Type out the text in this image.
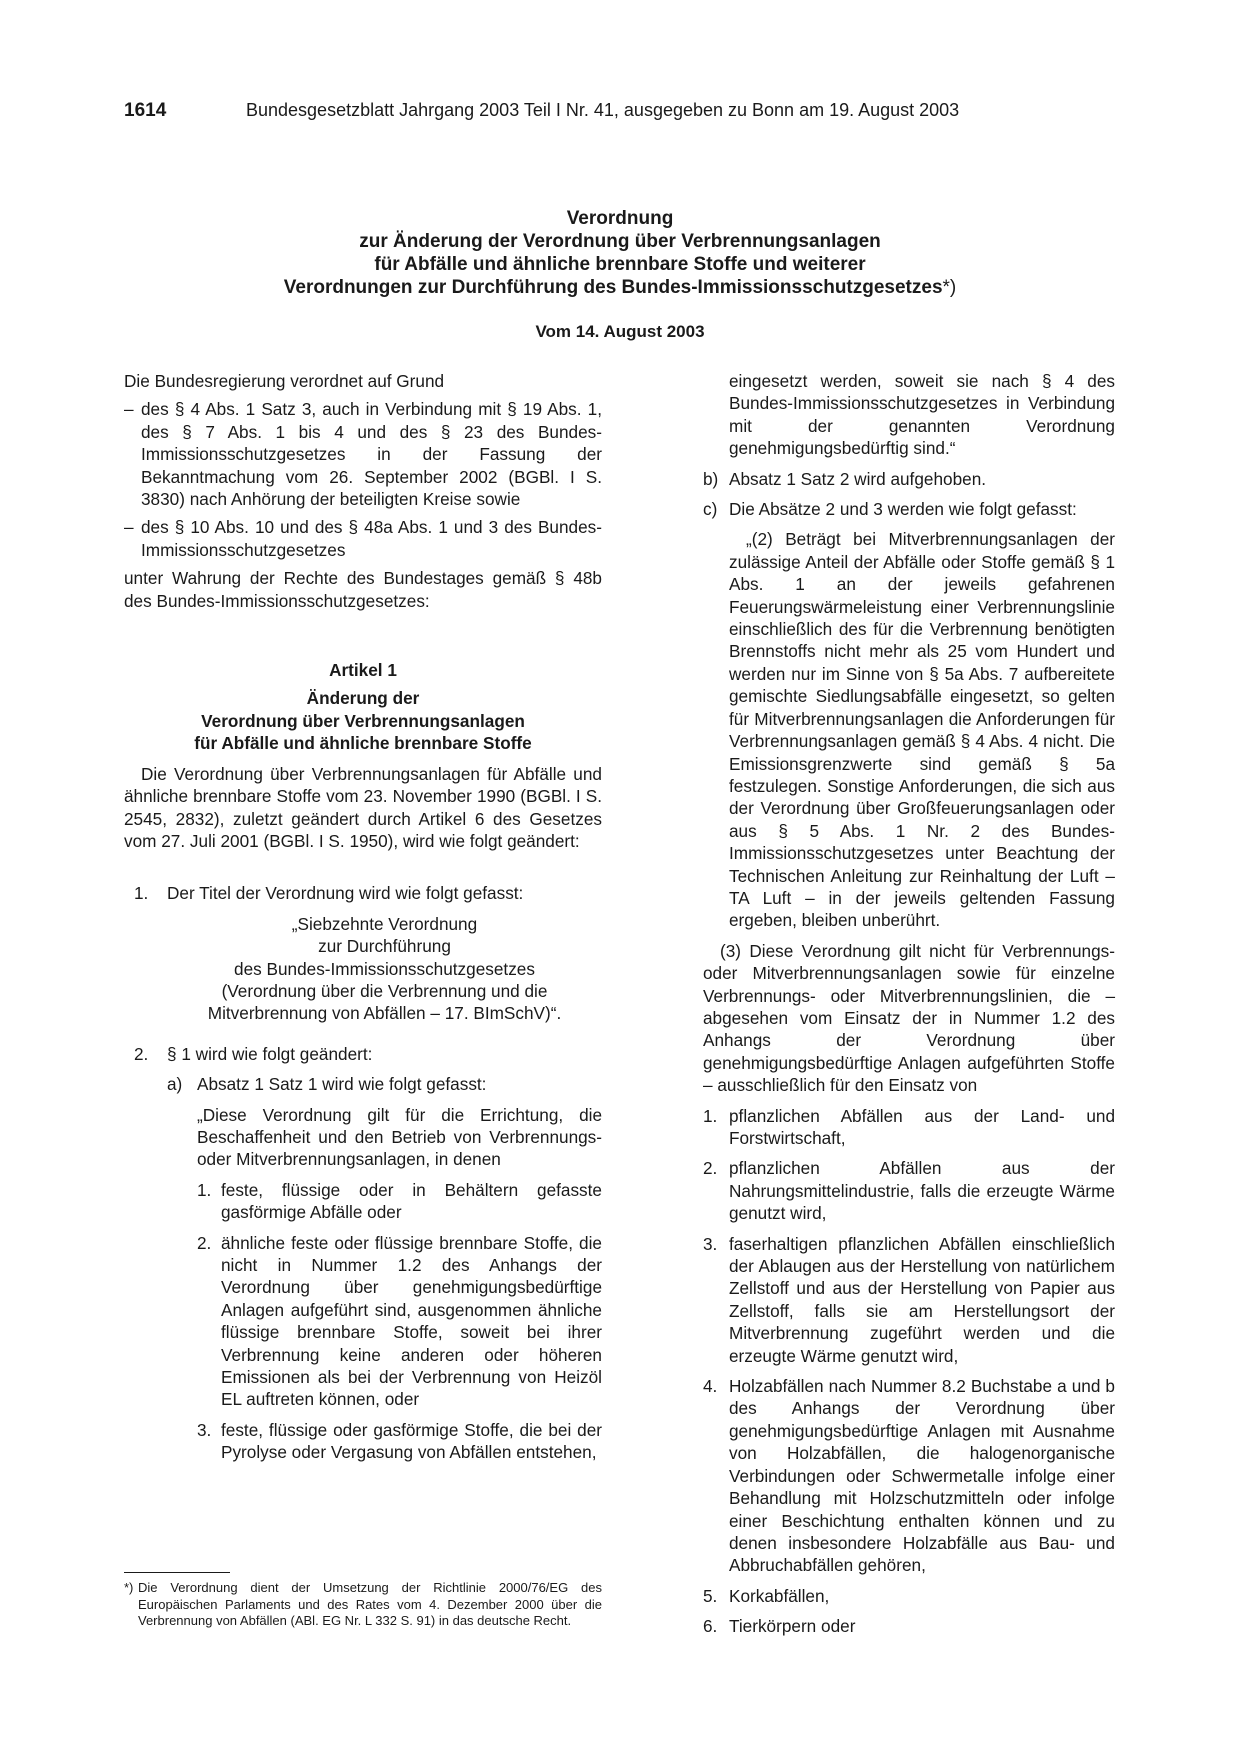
1614	Bundesgesetzblatt Jahrgang 2003 Teil I Nr. 41, ausgegeben zu Bonn am 19. August 2003
Verordnung
zur Änderung der Verordnung über Verbrennungsanlagen
für Abfälle und ähnliche brennbare Stoffe und weiterer
Verordnungen zur Durchführung des Bundes-Immissionsschutzgesetzes*)
Vom 14. August 2003

Die Bundesregierung verordnet auf Grund

– des § 4 Abs. 1 Satz 3, auch in Verbindung mit § 19 Abs. 1, des § 7 Abs. 1 bis 4 und des § 23 des Bundes-Immissionsschutzgesetzes in der Fassung der Bekanntmachung vom 26. September 2002 (BGBl. I S. 3830) nach Anhörung der beteiligten Kreise sowie
– des § 10 Abs. 10 und des § 48a Abs. 1 und 3 des Bundes-Immissionsschutzgesetzes

unter Wahrung der Rechte des Bundestages gemäß § 48b des Bundes-Immissionsschutzgesetzes:

Artikel 1
Änderung der
Verordnung über Verbrennungsanlagen
für Abfälle und ähnliche brennbare Stoffe

Die Verordnung über Verbrennungsanlagen für Abfälle und ähnliche brennbare Stoffe vom 23. November 1990 (BGBl. I S. 2545, 2832), zuletzt geändert durch Artikel 6 des Gesetzes vom 27. Juli 2001 (BGBl. I S. 1950), wird wie folgt geändert:

1. Der Titel der Verordnung wird wie folgt gefasst:
„Siebzehnte Verordnung
zur Durchführung
des Bundes-Immissionsschutzgesetzes
(Verordnung über die Verbrennung und die
Mitverbrennung von Abfällen – 17. BImSchV)“.
2. § 1 wird wie folgt geändert:
a) Absatz 1 Satz 1 wird wie folgt gefasst:

„Diese Verordnung gilt für die Errichtung, die Beschaffenheit und den Betrieb von Verbrennungs- oder Mitverbrennungsanlagen, in denen

1. feste, flüssige oder in Behältern gefasste gasförmige Abfälle oder
2. ähnliche feste oder flüssige brennbare Stoffe, die nicht in Nummer 1.2 des Anhangs der Verordnung über genehmigungsbedürftige Anlagen aufgeführt sind, ausgenommen ähnliche flüssige brennbare Stoffe, soweit bei ihrer Verbrennung keine anderen oder höheren Emissionen als bei der Verbrennung von Heizöl EL auftreten können, oder
3. feste, flüssige oder gasförmige Stoffe, die bei der Pyrolyse oder Vergasung von Abfällen entstehen,
*) Die Verordnung dient der Umsetzung der Richtlinie 2000/76/EG des Europäischen Parlaments und des Rates vom 4. Dezember 2000 über die Verbrennung von Abfällen (ABl. EG Nr. L 332 S. 91) in das deutsche Recht.

eingesetzt werden, soweit sie nach § 4 des Bundes-Immissionsschutzgesetzes in Verbindung mit der genannten Verordnung genehmigungsbedürftig sind.“

b) Absatz 1 Satz 2 wird aufgehoben.
c) Die Absätze 2 und 3 werden wie folgt gefasst:

„(2) Beträgt bei Mitverbrennungsanlagen der zulässige Anteil der Abfälle oder Stoffe gemäß § 1 Abs. 1 an der jeweils gefahrenen Feuerungswärmeleistung einer Verbrennungslinie einschließlich des für die Verbrennung benötigten Brennstoffs nicht mehr als 25 vom Hundert und werden nur im Sinne von § 5a Abs. 7 aufbereitete gemischte Siedlungsabfälle eingesetzt, so gelten für Mitverbrennungsanlagen die Anforderungen für Verbrennungsanlagen gemäß § 4 Abs. 4 nicht. Die Emissionsgrenzwerte sind gemäß § 5a festzulegen. Sonstige Anforderungen, die sich aus der Verordnung über Großfeuerungsanlagen oder aus § 5 Abs. 1 Nr. 2 des Bundes-Immissionsschutzgesetzes unter Beachtung der Technischen Anleitung zur Reinhaltung der Luft – TA Luft – in der jeweils geltenden Fassung ergeben, bleiben unberührt.

(3) Diese Verordnung gilt nicht für Verbrennungs- oder Mitverbrennungsanlagen sowie für einzelne Verbrennungs- oder Mitverbrennungslinien, die – abgesehen vom Einsatz der in Nummer 1.2 des Anhangs der Verordnung über genehmigungsbedürftige Anlagen aufgeführten Stoffe – ausschließlich für den Einsatz von

1. pflanzlichen Abfällen aus der Land- und Forstwirtschaft,
2. pflanzlichen Abfällen aus der Nahrungsmittelindustrie, falls die erzeugte Wärme genutzt wird,
3. faserhaltigen pflanzlichen Abfällen einschließlich der Ablaugen aus der Herstellung von natürlichem Zellstoff und aus der Herstellung von Papier aus Zellstoff, falls sie am Herstellungsort der Mitverbrennung zugeführt werden und die erzeugte Wärme genutzt wird,
4. Holzabfällen nach Nummer 8.2 Buchstabe a und b des Anhangs der Verordnung über genehmigungsbedürftige Anlagen mit Ausnahme von Holzabfällen, die halogenorganische Verbindungen oder Schwermetalle infolge einer Behandlung mit Holzschutzmitteln oder infolge einer Beschichtung enthalten können und zu denen insbesondere Holzabfälle aus Bau- und Abbruchabfällen gehören,
5. Korkabfällen,
6. Tierkörpern oder
